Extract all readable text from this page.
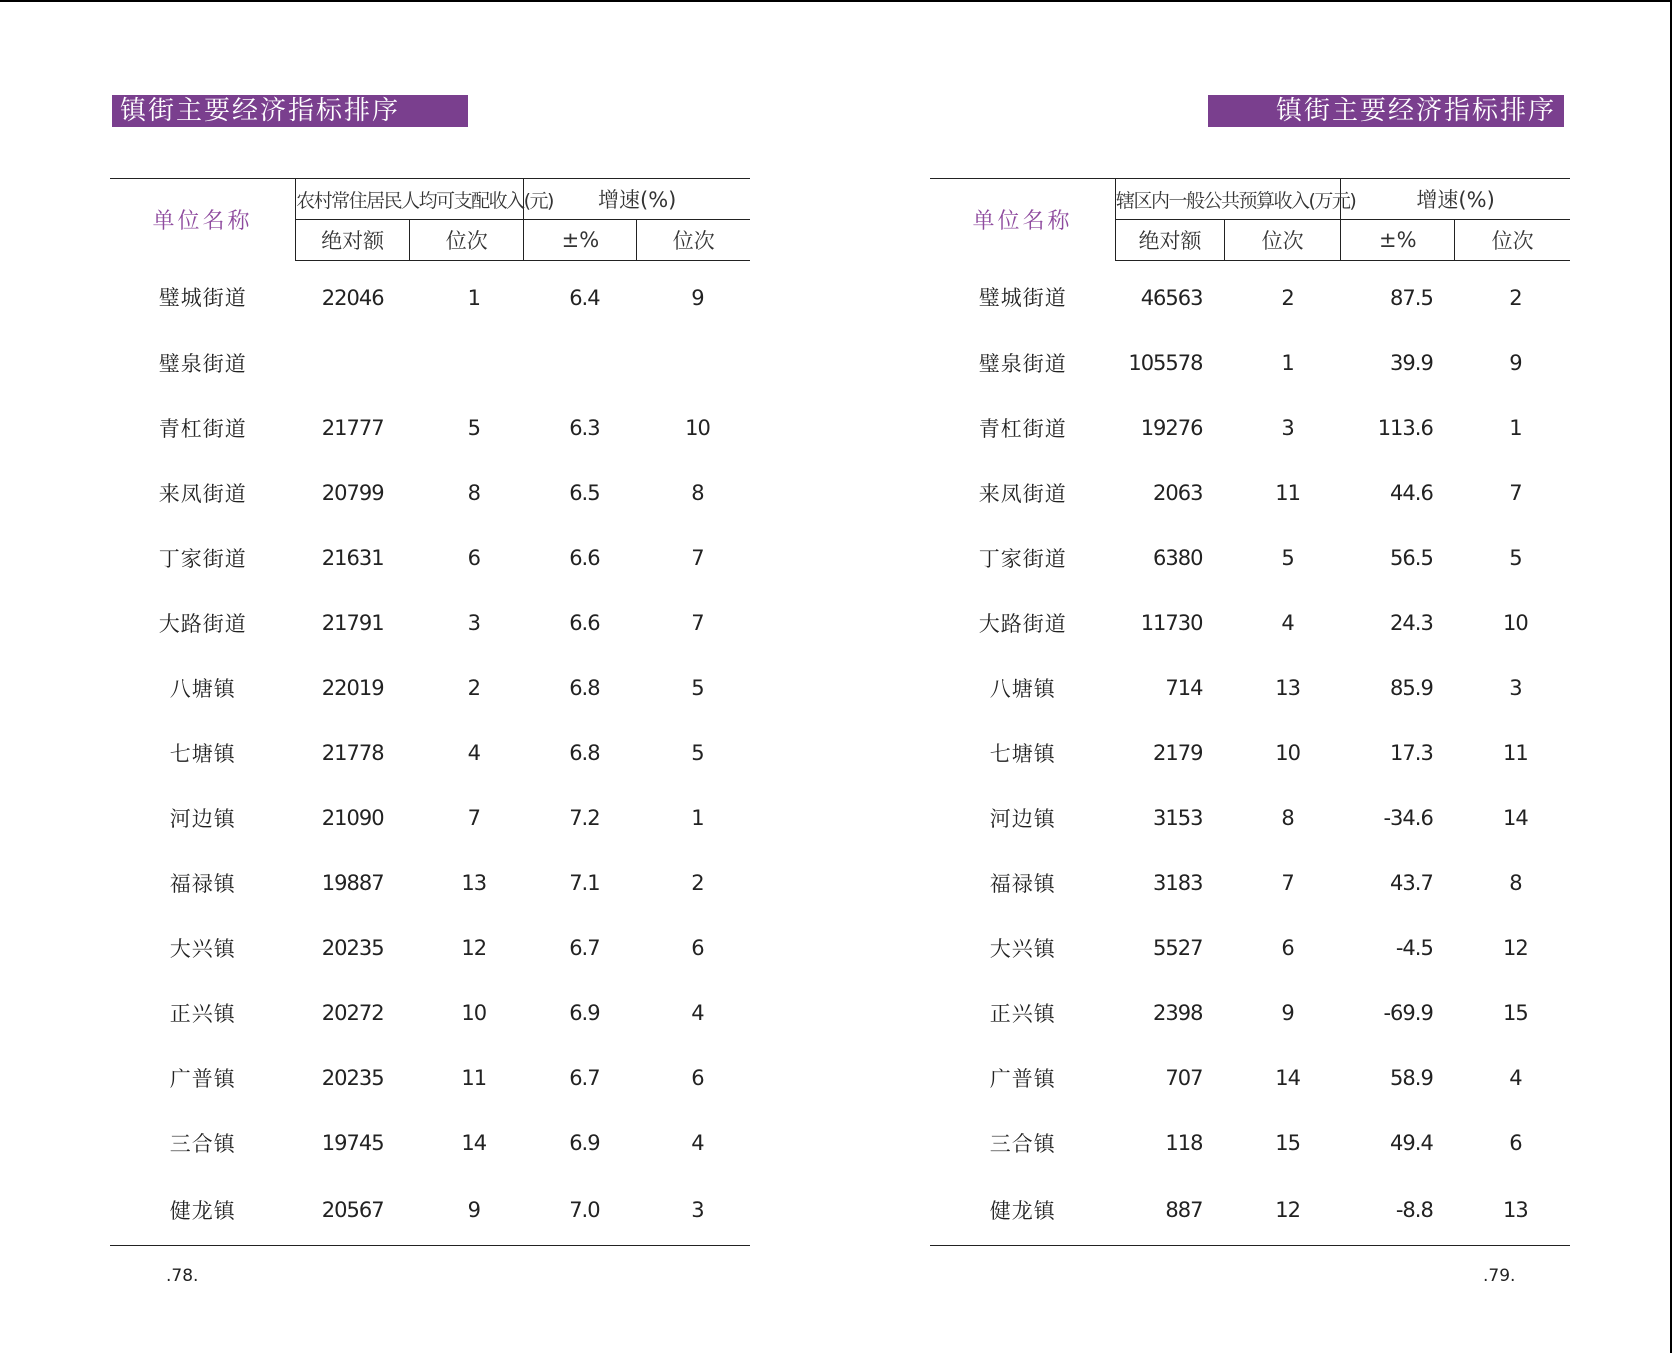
镇街主要经济指标排序
单位名称	农村常住居民人均可支配收入(元)		增速(%)	
	绝对额	位次	±%	位次
璧城街道	22046	1	6.4	9
璧泉街道				
青杠街道	21777	5	6.3	10
来凤街道	20799	8	6.5	8
丁家街道	21631	6	6.6	7
大路街道	21791	3	6.6	7
八塘镇	22019	2	6.8	5
七塘镇	21778	4	6.8	5
河边镇	21090	7	7.2	1
福禄镇	19887	13	7.1	2
大兴镇	20235	12	6.7	6
正兴镇	20272	10	6.9	4
广普镇	20235	11	6.7	6
三合镇	19745	14	6.9	4
健龙镇	20567	9	7.0	3
.78.
镇街主要经济指标排序
单位名称	辖区内一般公共预算收入(万元)		增速(%)	
	绝对额	位次	±%	位次
璧城街道	46563	2	87.5	2
璧泉街道	105578	1	39.9	9
青杠街道	19276	3	113.6	1
来凤街道	2063	11	44.6	7
丁家街道	6380	5	56.5	5
大路街道	11730	4	24.3	10
八塘镇	714	13	85.9	3
七塘镇	2179	10	17.3	11
河边镇	3153	8	-34.6	14
福禄镇	3183	7	43.7	8
大兴镇	5527	6	-4.5	12
正兴镇	2398	9	-69.9	15
广普镇	707	14	58.9	4
三合镇	118	15	49.4	6
健龙镇	887	12	-8.8	13
.79.
